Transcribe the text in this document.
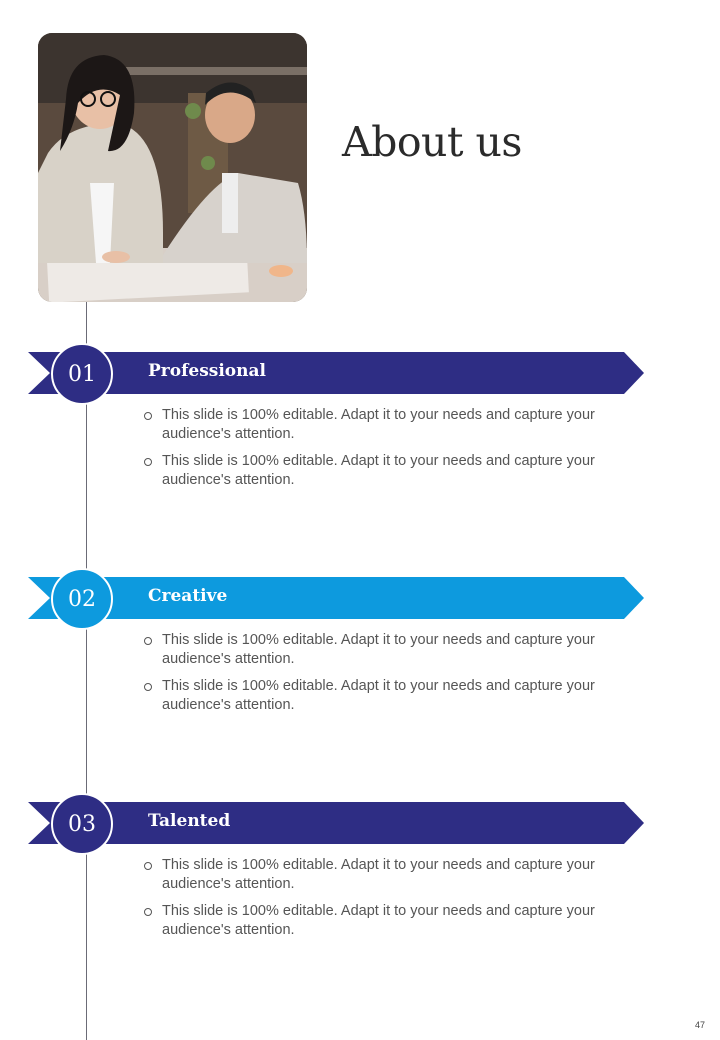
About us
01	Professional
This slide is 100% editable. Adapt it to your needs and capture your audience's attention.
This slide is 100% editable. Adapt it to your needs and capture your audience's attention.
02	Creative
This slide is 100% editable. Adapt it to your needs and capture your audience's attention.
This slide is 100% editable. Adapt it to your needs and capture your audience's attention.
03	Talented
This slide is 100% editable. Adapt it to your needs and capture your audience's attention.
This slide is 100% editable. Adapt it to your needs and capture your audience's attention.
47
